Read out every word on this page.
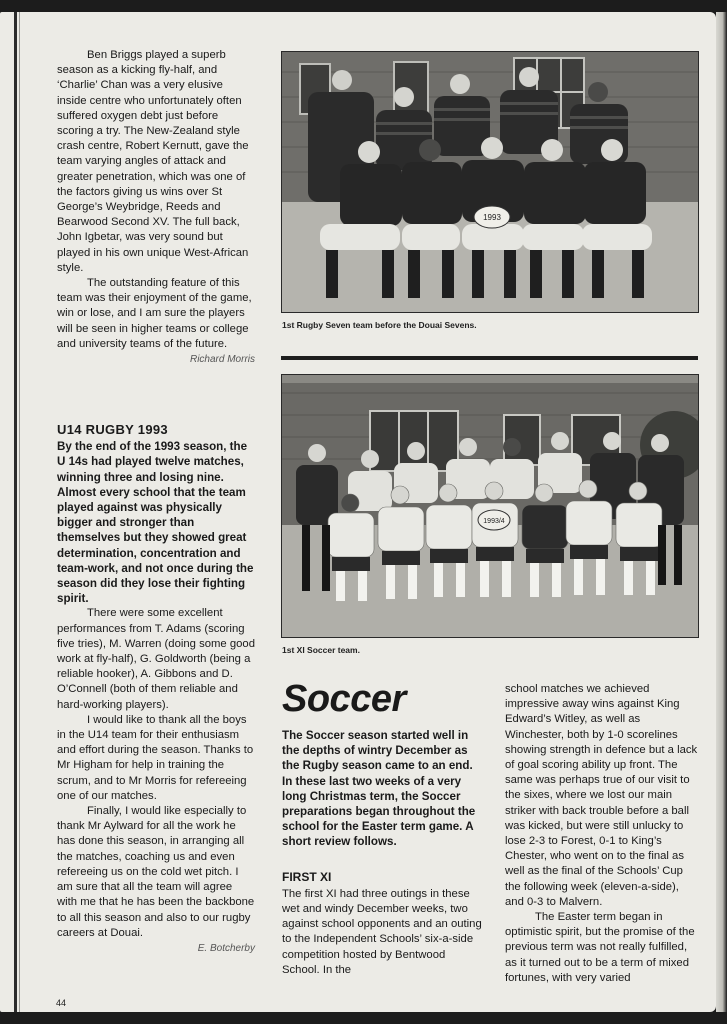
Ben Briggs played a superb season as a kicking fly-half, and ‘Charlie’ Chan was a very elusive inside centre who unfortunately often suffered oxygen debt just before scoring a try. The New-Zealand style crash centre, Robert Kernutt, gave the team varying angles of attack and greater penetration, which was one of the factors giving us wins over St George’s Weybridge, Reeds and Bearwood Second XV. The full back, John Igbetar, was very sound but played in his own unique West-African style.

The outstanding feature of this team was their enjoyment of the game, win or lose, and I am sure the players will be seen in higher teams or college and university teams of the future.

Richard Morris

U14 RUGBY 1993

By the end of the 1993 season, the U 14s had played twelve matches, winning three and losing nine. Almost every school that the team played against was physically bigger and stronger than themselves but they showed great determination, concentration and team-work, and not once during the season did they lose their fighting spirit.

There were some excellent performances from T. Adams (scoring five tries), M. Warren (doing some good work at fly-half), G. Goldworth (being a reliable hooker), A. Gibbons and D. O’Connell (both of them reliable and hard-working players).

I would like to thank all the boys in the U14 team for their enthusiasm and effort during the season. Thanks to Mr Higham for help in training the scrum, and to Mr Morris for refereeing one of our matches.

Finally, I would like especially to thank Mr Aylward for all the work he has done this season, in arranging all the matches, coaching us and even refereeing us on the cold wet pitch. I am sure that all the team will agree with me that he has been the backbone to all this season and also to our rugby careers at Douai.

E. Botcherby

1993
1st Rugby Seven team before the Douai Sevens.
1993/4
1st XI Soccer team.
Soccer

The Soccer season started well in the depths of wintry December as the Rugby season came to an end. In these last two weeks of a very long Christmas term, the Soccer preparations began throughout the school for the Easter term game. A short review follows.

FIRST XI

The first XI had three outings in these wet and windy December weeks, two against school opponents and an outing to the Independent Schools’ six-a-side competition hosted by Bentwood School. In the

school matches we achieved impressive away wins against King Edward’s Witley, as well as Winchester, both by 1-0 scorelines showing strength in defence but a lack of goal scoring ability up front. The same was perhaps true of our visit to the sixes, where we lost our main striker with back trouble before a ball was kicked, but were still unlucky to lose 2-3 to Forest, 0-1 to King’s Chester, who went on to the final as well as the final of the Schools’ Cup the following week (eleven-a-side), and 0-3 to Malvern.

The Easter term began in optimistic spirit, but the promise of the previous term was not really fulfilled, as it turned out to be a term of mixed fortunes, with very varied

44
